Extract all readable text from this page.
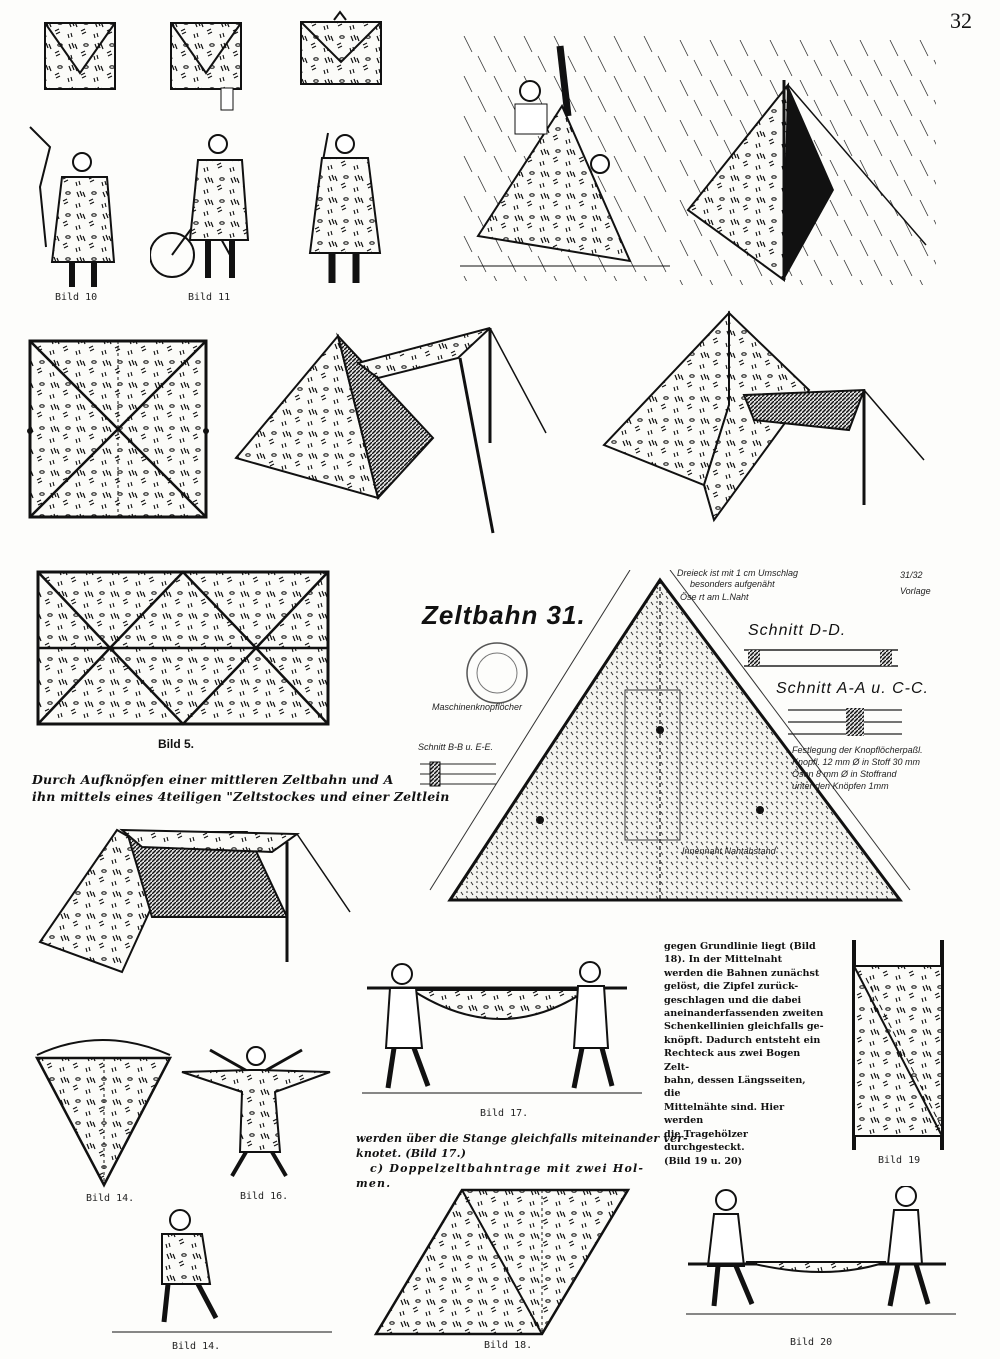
32
Bild 10	Bild 11
Bild 5.
Durch Aufknöpfen einer mittleren Zeltbahn und A
ihn mittels eines 4teiligen "Zeltstockes und einer Zeltlein
Zeltbahn 31.
Maschinenknopflöcher
Schnitt B-B u. E-E.
Dreieck ist mit 1 cm Umschlag
besonders aufgenäht
Öse rt am L.Naht
31/32
Vorlage
Schnitt D-D.
Schnitt A-A u. C-C.
Festlegung der Knopflöcherpaßl.
Knopfl. 12 mm Ø in Stoff 30 mm
Ösen 8 mm Ø in Stoffrand
unter den Knöpfen 1mm
Innennaht Nahtabstand
Bild 17.
werden über die Stange gleichfalls miteinander ver-
knotet. (Bild 17.)
c) Doppelzeltbahntrage mit zwei Hol-
men.
gegen Grundlinie liegt (Bild
18). In der Mittelnaht
werden die Bahnen zunächst
gelöst, die Zipfel zurück-
geschlagen und die dabei
aneinanderfassenden zweiten
Schenkellinien gleichfalls ge-
knöpft. Dadurch entsteht ein
Rechteck aus zwei Bogen Zelt-
bahn, dessen Längsseiten, die
Mittelnähte sind. Hier werden
die Tragehölzer durchgesteckt.
(Bild 19 u. 20)	Bild 19
Bild 14.	Bild 16.
Bild 18.
Bild 14.	Bild 20
